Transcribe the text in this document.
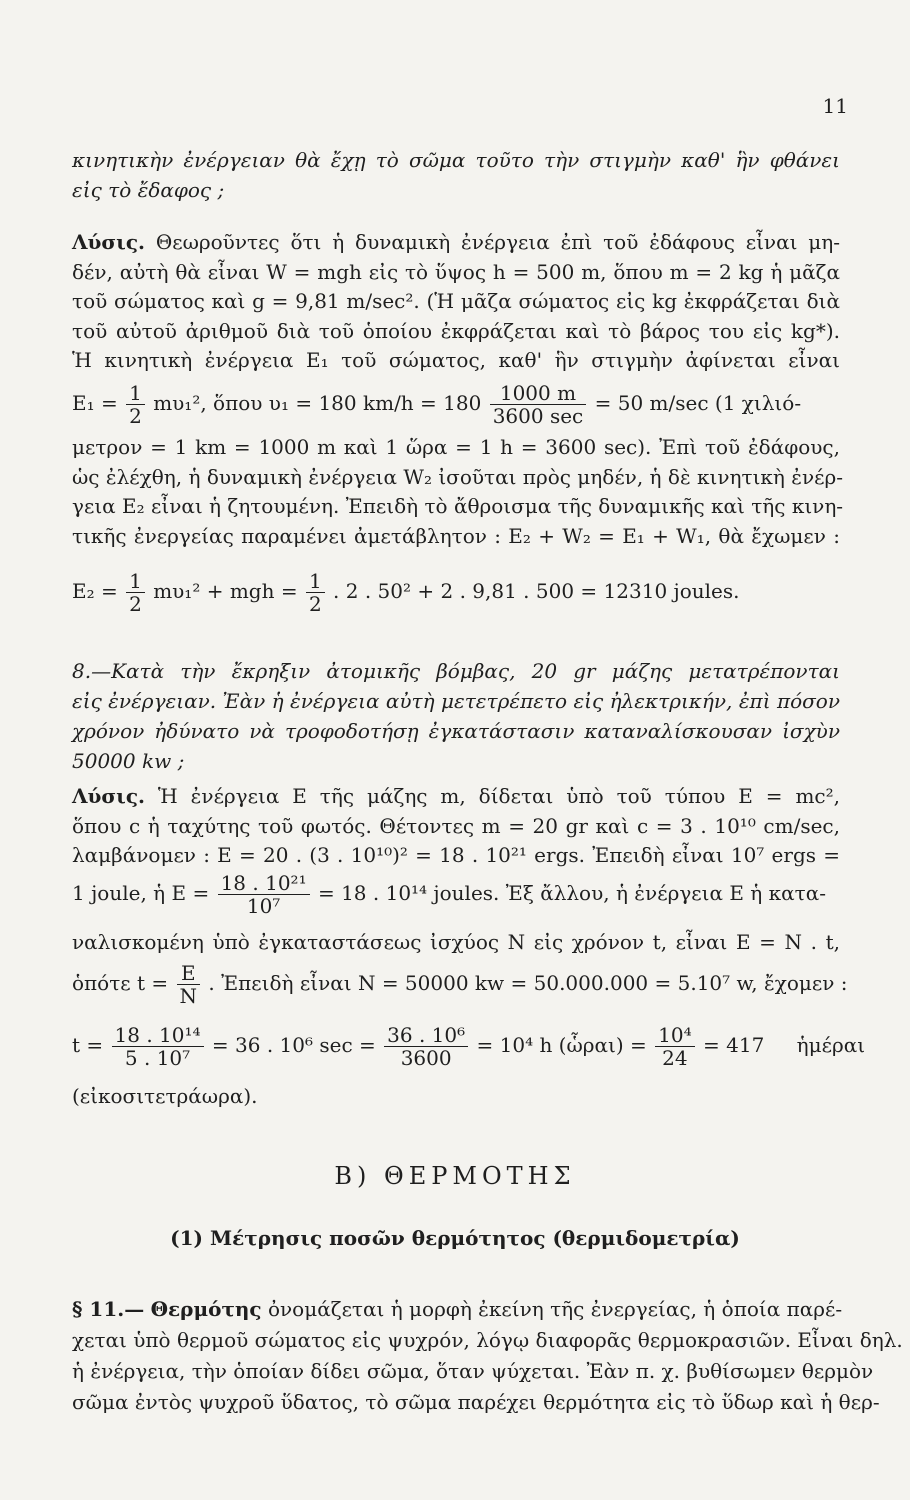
11
κινητικὴν ἐνέργειαν θὰ ἔχῃ τὸ σῶμα τοῦτο τὴν στιγμὴν καθ' ἣν φθάνει
εἰς τὸ ἔδαφος ;
Λύσις. Θεωροῦντες ὅτι ἡ δυναμικὴ ἐνέργεια ἐπὶ τοῦ ἐδάφους εἶναι μη-
δέν, αὐτὴ θὰ εἶναι W = mgh εἰς τὸ ὕψος h = 500 m, ὅπου m = 2 kg ἡ μᾶζα
τοῦ σώματος καὶ g = 9,81 m/sec². (Ἡ μᾶζα σώματος εἰς kg ἐκφράζεται διὰ
τοῦ αὐτοῦ ἀριθμοῦ διὰ τοῦ ὁποίου ἐκφράζεται καὶ τὸ βάρος του εἰς kg*).
Ἡ κινητικὴ ἐνέργεια E₁ τοῦ σώματος, καθ' ἣν στιγμὴν ἀφίνεται εἶναι
$E_1 = \frac{1}{2} m\upsilon_1^2$, ὅπου υ₁ = 180 $km/h = 180 \frac{1000 m}{3600 \sec} = 50$ m/sec (1 χιλιό-
μετρον = 1 km = 1000 m καὶ 1 ὥρα = 1 h = 3600 sec). Ἐπὶ τοῦ ἐδάφους,
ὡς ἐλέχθη, ἡ δυναμικὴ ἐνέργεια W₂ ἰσοῦται πρὸς μηδέν, ἡ δὲ κινητικὴ ἐνέρ-
γεια E₂ εἶναι ἡ ζητουμένη. Ἐπειδὴ τὸ ἄθροισμα τῆς δυναμικῆς καὶ τῆς κινη-
τικῆς ἐνεργείας παραμένει ἀμετάβλητον : E₂ + W₂ = E₁ + W₁, θὰ ἔχωμεν :
$E_2 = \frac{1}{2} m\upsilon_1^2$ + mgh = $\frac{1}{2}$ . 2 . 50² + 2 . 9,81 . 500 = 12310 joules.
8.—Κατὰ τὴν ἔκρηξιν ἀτομικῆς βόμβας, 20 gr μάζης μετατρέπονται
εἰς ἐνέργειαν. Ἐὰν ἡ ἐνέργεια αὐτὴ μετετρέπετο εἰς ἠλεκτρικήν, ἐπὶ πόσον
χρόνον ἠδύνατο νὰ τροφοδοτήσῃ ἐγκατάστασιν καταναλίσκουσαν ἰσχὺν
50000 kw ;
Λύσις. Ἡ ἐνέργεια E τῆς μάζης m, δίδεται ὑπὸ τοῦ τύπου E = mc²,
ὅπου c ἡ ταχύτης τοῦ φωτός. Θέτοντες m = 20 gr καὶ c = 3 . 10¹⁰ cm/sec,
λαμβάνομεν : E = 20 . (3 . 10¹⁰)² = 18 . 10²¹ ergs. Ἐπειδὴ εἶναι 10⁷ ergs =
1 joule, ἡ $E = \frac{\text{18 . 10²¹}}{\text{10⁷}} = 18$ . 10¹⁴ joules. Ἐξ ἄλλου, ἡ ἐνέργεια E ἡ κατα-
ναλισκομένη ὑπὸ ἐγκαταστάσεως ἰσχύος N εἰς χρόνον t, εἶναι E = N . t,
ὁπότε $t = \frac{E}{N}$ . Ἐπειδὴ εἶναι N = 50000 kw = 50.000.000 = 5.10⁷ w, ἔχομεν :
$t = \frac{\text{18 . 10¹⁴}}{\text{5 . 10⁷}} = 36$ . 10⁶ $\sec = \frac{\text{36 . 10⁶}}{3600} = 10^4$ h (ὧραι) = $\frac{\text{10⁴}}{24} = 417$ ἡμέραι
(εἰκοσιτετράωρα).
Β) ΘΕΡΜΟΤΗΣ
(1) Μέτρησις ποσῶν θερμότητος (θερμιδομετρία)
§ 11.— Θερμότης ὀνομάζεται ἡ μορφὴ ἐκείνη τῆς ἐνεργείας, ἡ ὁποία παρέ-
χεται ὑπὸ θερμοῦ σώματος εἰς ψυχρόν, λόγῳ διαφορᾶς θερμοκρασιῶν. Εἶναι δηλ.
ἡ ἐνέργεια, τὴν ὁποίαν δίδει σῶμα, ὅταν ψύχεται. Ἐὰν π. χ. βυθίσωμεν θερμὸν
σῶμα ἐντὸς ψυχροῦ ὕδατος, τὸ σῶμα παρέχει θερμότητα εἰς τὸ ὕδωρ καὶ ἡ θερ-
